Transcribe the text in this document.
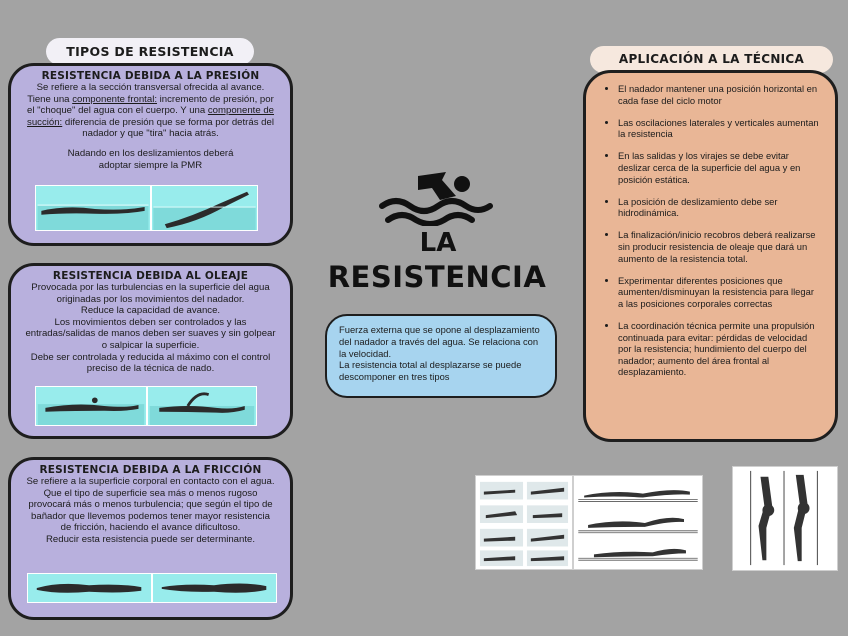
TIPOS DE RESISTENCIA	APLICACIÓN A LA TÉCNICA
RESISTENCIA DEBIDA A LA PRESIÓN

Se refiere a la sección transversal ofrecida al avance. Tiene una componente frontal: incremento de presión, por el "choque" del agua con el cuerpo. Y una componente de succión: diferencia de presión que se forma por detrás del nadador y que "tira" hacia atrás.

Nadando en los deslizamientos deberá adoptar siempre la PMR

RESISTENCIA DEBIDA AL OLEAJE

Provocada por las turbulencias en la superficie del agua originadas por los movimientos del nadador.

Reduce la capacidad de avance.

Los movimientos deben ser controlados y las entradas/salidas de manos deben ser suaves y sin golpear o salpicar la superficie.

Debe ser controlada y reducida al máximo con el control preciso de la técnica de nado.

RESISTENCIA DEBIDA A LA FRICCIÓN

Se refiere a la superficie corporal en contacto con el agua.

Que el tipo de superficie sea más o menos rugoso provocará más o menos turbulencia; que según el tipo de bañador que llevemos podemos tener mayor resistencia de fricción, haciendo el avance dificultoso.

Reducir esta resistencia puede ser determinante.

LA
RESISTENCIA

Fuerza externa que se opone al desplazamiento del nadador a través del agua. Se relaciona con la velocidad.

La resistencia total al desplazarse se puede descomponer en tres tipos

• El nadador mantener una posición horizontal en cada fase del ciclo motor
• Las oscilaciones laterales y verticales aumentan la resistencia
• En las salidas y los virajes se debe evitar deslizar cerca de la superficie del agua y en posición estática.
• La posición de deslizamiento debe ser hidrodinámica.
• La finalización/inicio recobros deberá realizarse sin producir resistencia de oleaje que dará un aumento de la resistencia total.
• Experimentar diferentes posiciones que aumenten/disminuyan la resistencia para llegar a las posiciones corporales correctas
• La coordinación técnica permite una propulsión continuada para evitar: pérdidas de velocidad por la resistencia; hundimiento del cuerpo del nadador; aumento del área frontal al desplazamiento.
